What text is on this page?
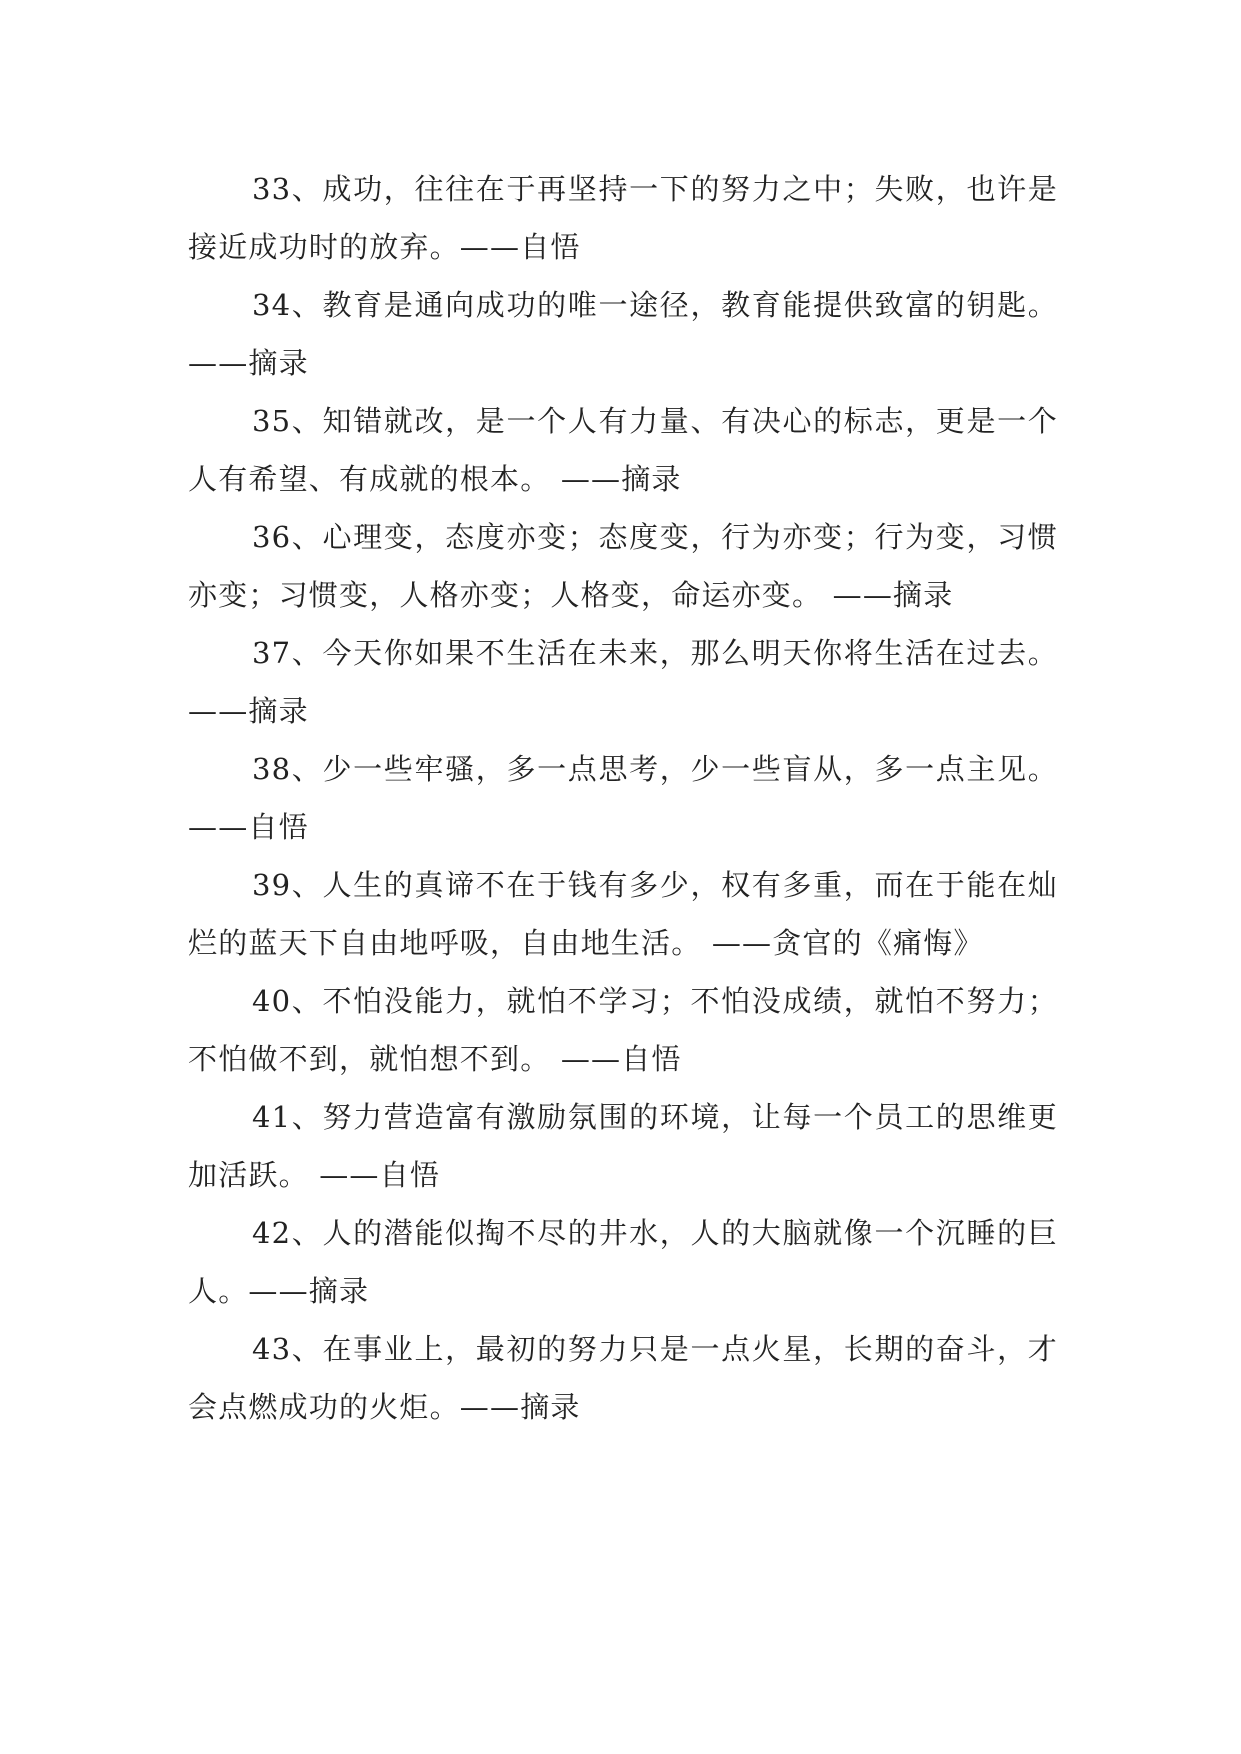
33、成功，往往在于再坚持一下的努力之中；失败，也许是接近成功时的放弃。——自悟

34、教育是通向成功的唯一途径，教育能提供致富的钥匙。 ——摘录

35、知错就改，是一个人有力量、有决心的标志，更是一个人有希望、有成就的根本。 ——摘录

36、心理变，态度亦变；态度变，行为亦变；行为变，习惯亦变；习惯变，人格亦变；人格变，命运亦变。 ——摘录

37、今天你如果不生活在未来，那么明天你将生活在过去。 ——摘录

38、少一些牢骚，多一点思考，少一些盲从，多一点主见。 ——自悟

39、人生的真谛不在于钱有多少，权有多重，而在于能在灿烂的蓝天下自由地呼吸，自由地生活。 ——贪官的《痛悔》

40、不怕没能力，就怕不学习；不怕没成绩，就怕不努力；不怕做不到，就怕想不到。 ——自悟

41、努力营造富有激励氛围的环境，让每一个员工的思维更加活跃。 ——自悟

42、人的潜能似掏不尽的井水，人的大脑就像一个沉睡的巨人。——摘录

43、在事业上，最初的努力只是一点火星，长期的奋斗，才会点燃成功的火炬。——摘录
